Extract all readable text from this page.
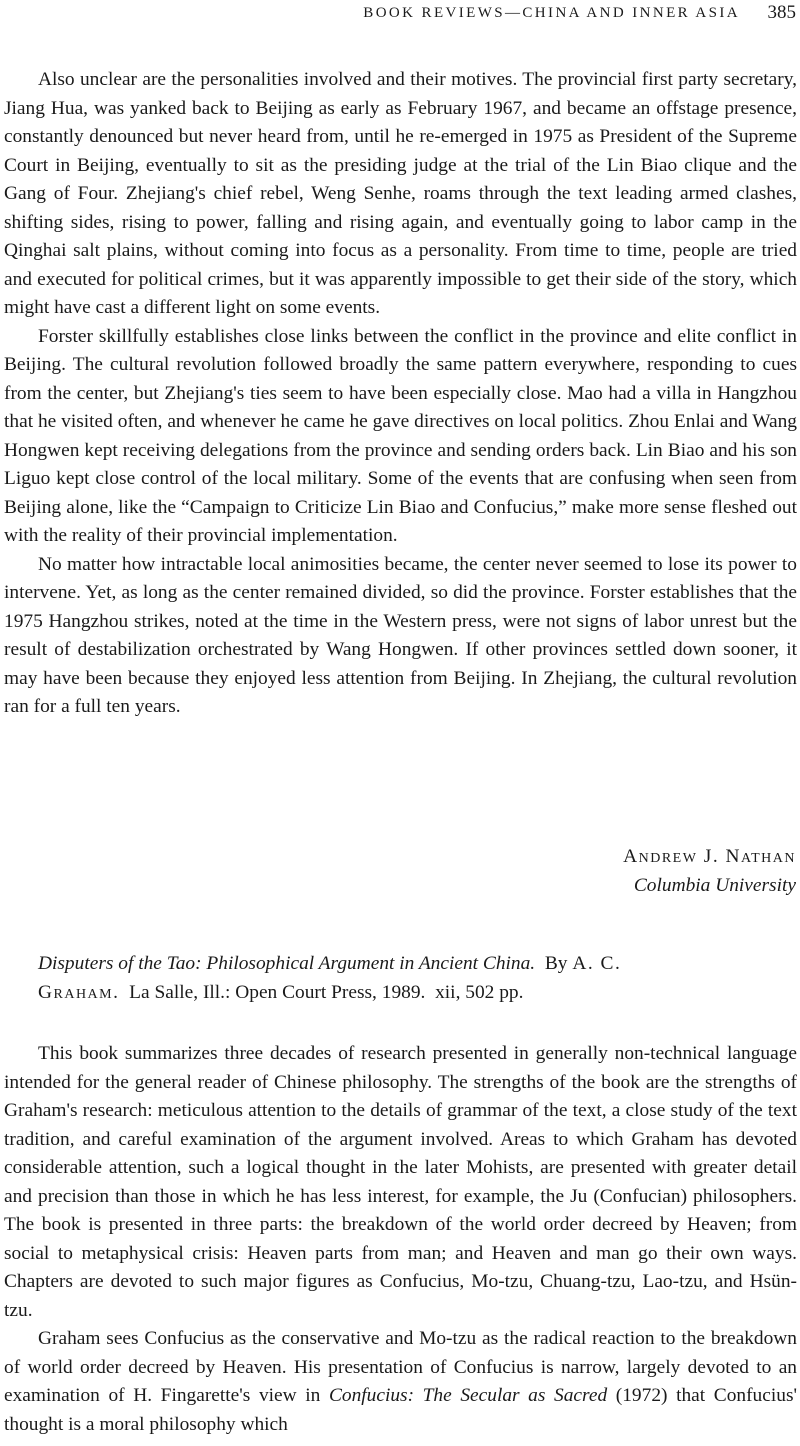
BOOK REVIEWS—CHINA AND INNER ASIA 385

Also unclear are the personalities involved and their motives. The provincial first party secretary, Jiang Hua, was yanked back to Beijing as early as February 1967, and became an offstage presence, constantly denounced but never heard from, until he re-emerged in 1975 as President of the Supreme Court in Beijing, eventually to sit as the presiding judge at the trial of the Lin Biao clique and the Gang of Four. Zhejiang's chief rebel, Weng Senhe, roams through the text leading armed clashes, shifting sides, rising to power, falling and rising again, and eventually going to labor camp in the Qinghai salt plains, without coming into focus as a personality. From time to time, people are tried and executed for political crimes, but it was apparently impossible to get their side of the story, which might have cast a different light on some events.

Forster skillfully establishes close links between the conflict in the province and elite conflict in Beijing. The cultural revolution followed broadly the same pattern everywhere, responding to cues from the center, but Zhejiang's ties seem to have been especially close. Mao had a villa in Hangzhou that he visited often, and whenever he came he gave directives on local politics. Zhou Enlai and Wang Hongwen kept receiving delegations from the province and sending orders back. Lin Biao and his son Liguo kept close control of the local military. Some of the events that are confusing when seen from Beijing alone, like the “Campaign to Criticize Lin Biao and Confucius,” make more sense fleshed out with the reality of their provincial implementation.

No matter how intractable local animosities became, the center never seemed to lose its power to intervene. Yet, as long as the center remained divided, so did the province. Forster establishes that the 1975 Hangzhou strikes, noted at the time in the Western press, were not signs of labor unrest but the result of destabilization orchestrated by Wang Hongwen. If other provinces settled down sooner, it may have been because they enjoyed less attention from Beijing. In Zhejiang, the cultural revolution ran for a full ten years.

Andrew J. Nathan
Columbia University
Disputers of the Tao: Philosophical Argument in Ancient China. By A. C.
Graham. La Salle, Ill.: Open Court Press, 1989. xii, 502 pp.

This book summarizes three decades of research presented in generally non-technical language intended for the general reader of Chinese philosophy. The strengths of the book are the strengths of Graham's research: meticulous attention to the details of grammar of the text, a close study of the text tradition, and careful examination of the argument involved. Areas to which Graham has devoted considerable attention, such a logical thought in the later Mohists, are presented with greater detail and precision than those in which he has less interest, for example, the Ju (Confucian) philosophers. The book is presented in three parts: the breakdown of the world order decreed by Heaven; from social to metaphysical crisis: Heaven parts from man; and Heaven and man go their own ways. Chapters are devoted to such major figures as Confucius, Mo-tzu, Chuang-tzu, Lao-tzu, and Hsün-tzu.

Graham sees Confucius as the conservative and Mo-tzu as the radical reaction to the breakdown of world order decreed by Heaven. His presentation of Confucius is narrow, largely devoted to an examination of H. Fingarette's view in Confucius: The Secular as Sacred (1972) that Confucius' thought is a moral philosophy which
